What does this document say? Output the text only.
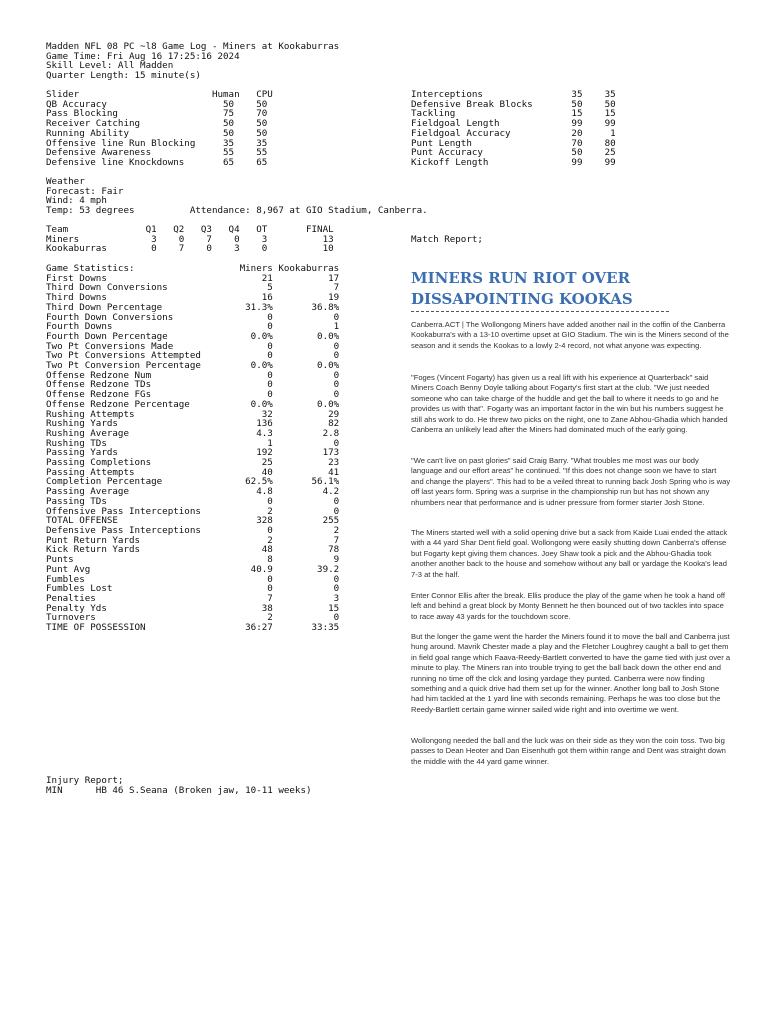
Madden NFL 08 PC ~l8 Game Log - Miners at Kookaburras
Game Time: Fri Aug 16 17:25:16 2024
Skill Level: All Madden
Quarter Length: 15 minute(s)
Slider                        Human   CPU
QB Accuracy                     50    50
Pass Blocking                   75    70
Receiver Catching               50    50
Running Ability                 50    50
Offensive line Run Blocking     35    35
Defensive Awareness             55    55
Defensive line Knockdowns       65    65
Interceptions                35    35
Defensive Break Blocks       50    50
Tackling                     15    15
Fieldgoal Length             99    99
Fieldgoal Accuracy           20     1
Punt Length                  70    80
Punt Accuracy                50    25
Kickoff Length               99    99
Weather
Forecast: Fair
Wind: 4 mph
Temp: 53 degrees          Attendance: 8,967 at GIO Stadium, Canberra.
Team              Q1   Q2   Q3   Q4   OT       FINAL
Miners             3    0    7    0    3          13
Kookaburras        0    7    0    3    0          10
Match Report;
Game Statistics:                   Miners Kookaburras
First Downs                            21          17
Third Down Conversions                  5           7
Third Downs                            16          19
Third Down Percentage               31.3%       36.8%
Fourth Down Conversions                 0           0
Fourth Downs                            0           1
Fourth Down Percentage               0.0%        0.0%
Two Pt Conversions Made                 0           0
Two Pt Conversions Attempted            0           0
Two Pt Conversion Percentage         0.0%        0.0%
Offense Redzone Num                     0           0
Offense Redzone TDs                     0           0
Offense Redzone FGs                     0           0
Offense Redzone Percentage           0.0%        0.0%
Rushing Attempts                       32          29
Rushing Yards                         136          82
Rushing Average                       4.3         2.8
Rushing TDs                             1           0
Passing Yards                         192         173
Passing Completions                    25          23
Passing Attempts                       40          41
Completion Percentage               62.5%       56.1%
Passing Average                       4.8         4.2
Passing TDs                             0           0
Offensive Pass Interceptions            2           0
TOTAL OFFENSE                         328         255
Defensive Pass Interceptions            0           2
Punt Return Yards                       2           7
Kick Return Yards                      48          78
Punts                                   8           9
Punt Avg                             40.9        39.2
Fumbles                                 0           0
Fumbles Lost                            0           0
Penalties                               7           3
Penalty Yds                            38          15
Turnovers                               2           0
TIME OF POSSESSION                  36:27       33:35
MINERS RUN RIOT OVER DISSAPOINTING KOOKAS

Canberra.ACT | The Wollongong Miners have added another nail in the coffin of the Canberra Kookaburra's with a 13-10 overtime upset at GIO Stadium. The win is the Miners second of the season and it sends the Kookas to a lowly 2-4 record, not what anyone was expecting.

"Foges (Vincent Fogarty) has given us a real lift with his experience at Quarterback" said Miners Coach Benny Doyle talking about Fogarty's first start at the club. "We just needed someone who can take charge of the huddle and get the ball to where it needs to go and he provides us with that". Fogarty was an important factor in the win but his numbers suggest he still ahs work to do. He threw two picks on the night, one to Zane Abhou-Ghadia which handed Canberra an unlikely lead after the Miners had dominated much of the early going.

"We can't live on past glories" said Craig Barry. "What troubles me most was our body language and our effort areas" he continued. "If this does not change soon we have to start and change the players". This had to be a veiled threat to running back Josh Spring who is way off last years form. Spring was a surprise in the championship run but has not shown any nhumbers near that performance and is udner pressure from former starter Josh Stone.

The Miners started well with a solid opening drive but a sack from Kaide Luai ended the attack with a 44 yard Shar Dent field goal. Wollongong were easily shutting down Canberra's offense but Fogarty kept giving them chances. Joey Shaw took a pick and the Abhou-Ghadia took another another back to the house and somehow without any ball or yardage the Kooka's lead 7-3 at the half.

Enter Connor Ellis after the break. Ellis produce the play of the game when he took a hand off left and behind a great block by Monty Bennett he then bounced out of two tackles into space to race away 43 yards for the touchdown score.

But the longer the game went the harder the Miners found it to move the ball and Canberra just hung around. Mavrik Chester made a play and the Fletcher Loughrey caught a ball to get them in field goal range which Faava-Reedy-Bartlett converted to have the game tied with just over a minute to play. The Miners ran into trouble trying to get the ball back down the other end and running no time off the clck and losing yardage they punted. Canberra were now finding something and a quick drive had them set up for the winner. Another long ball to Josh Stone had him tackled at the 1 yard line with seconds remaining. Perhaps he was too close but the Reedy-Bartlett certain game winner sailed wide right and into overtime we went.

Wollongong needed the ball and the luck was on their side as they won the coin toss. Two big passes to Dean Heoter and Dan Eisenhuth got them within range and Dent was straight down the middle with the 44 yard game winner.

Injury Report;
MIN      HB 46 S.Seana (Broken jaw, 10-11 weeks)
